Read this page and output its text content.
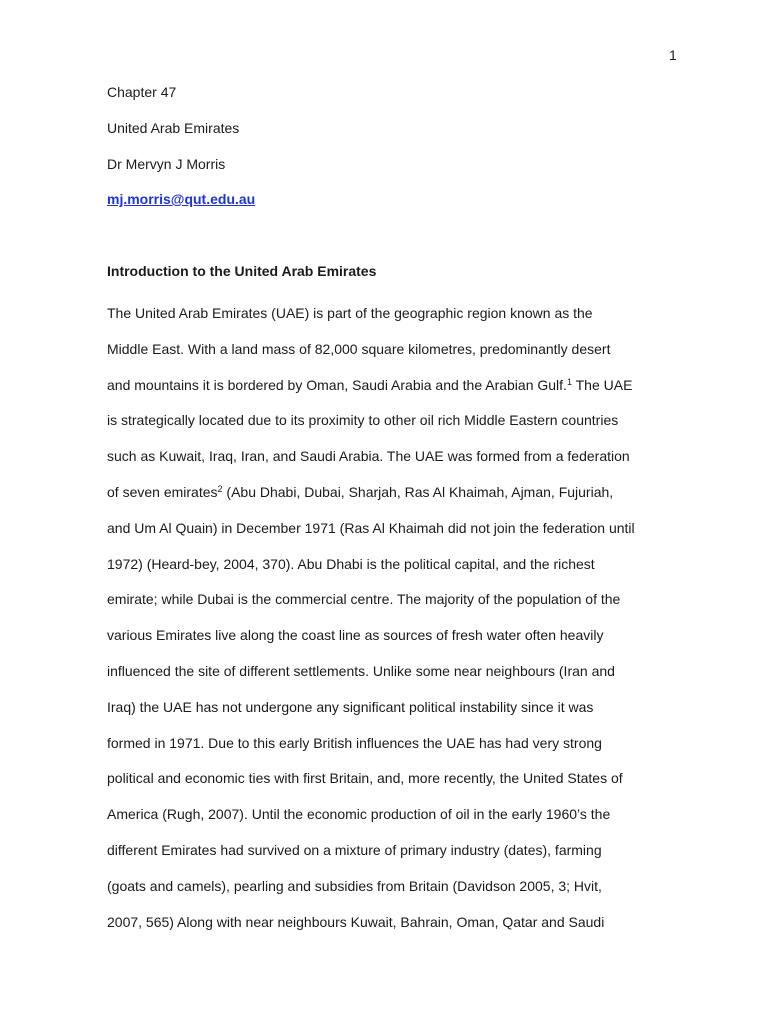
1
Chapter 47
United Arab Emirates
Dr Mervyn J Morris
mj.morris@qut.edu.au
Introduction to the United Arab Emirates

The United Arab Emirates (UAE) is part of the geographic region known as the
Middle East. With a land mass of 82,000 square kilometres, predominantly desert
and mountains it is bordered by Oman, Saudi Arabia and the Arabian Gulf.$^1$ The UAE
is strategically located due to its proximity to other oil rich Middle Eastern countries
such as Kuwait, Iraq, Iran, and Saudi Arabia. The UAE was formed from a federation
of seven emirates$^2$ (Abu Dhabi, Dubai, Sharjah, Ras Al Khaimah, Ajman, Fujuriah,
and Um Al Quain) in December 1971 (Ras Al Khaimah did not join the federation until
1972) (Heard-bey, 2004, 370). Abu Dhabi is the political capital, and the richest
emirate; while Dubai is the commercial centre. The majority of the population of the
various Emirates live along the coast line as sources of fresh water often heavily
influenced the site of different settlements. Unlike some near neighbours (Iran and
Iraq) the UAE has not undergone any significant political instability since it was
formed in 1971. Due to this early British influences the UAE has had very strong
political and economic ties with first Britain, and, more recently, the United States of
America (Rugh, 2007). Until the economic production of oil in the early 1960’s the
different Emirates had survived on a mixture of primary industry (dates), farming
(goats and camels), pearling and subsidies from Britain (Davidson 2005, 3; Hvit,
2007, 565) Along with near neighbours Kuwait, Bahrain, Oman, Qatar and Saudi
